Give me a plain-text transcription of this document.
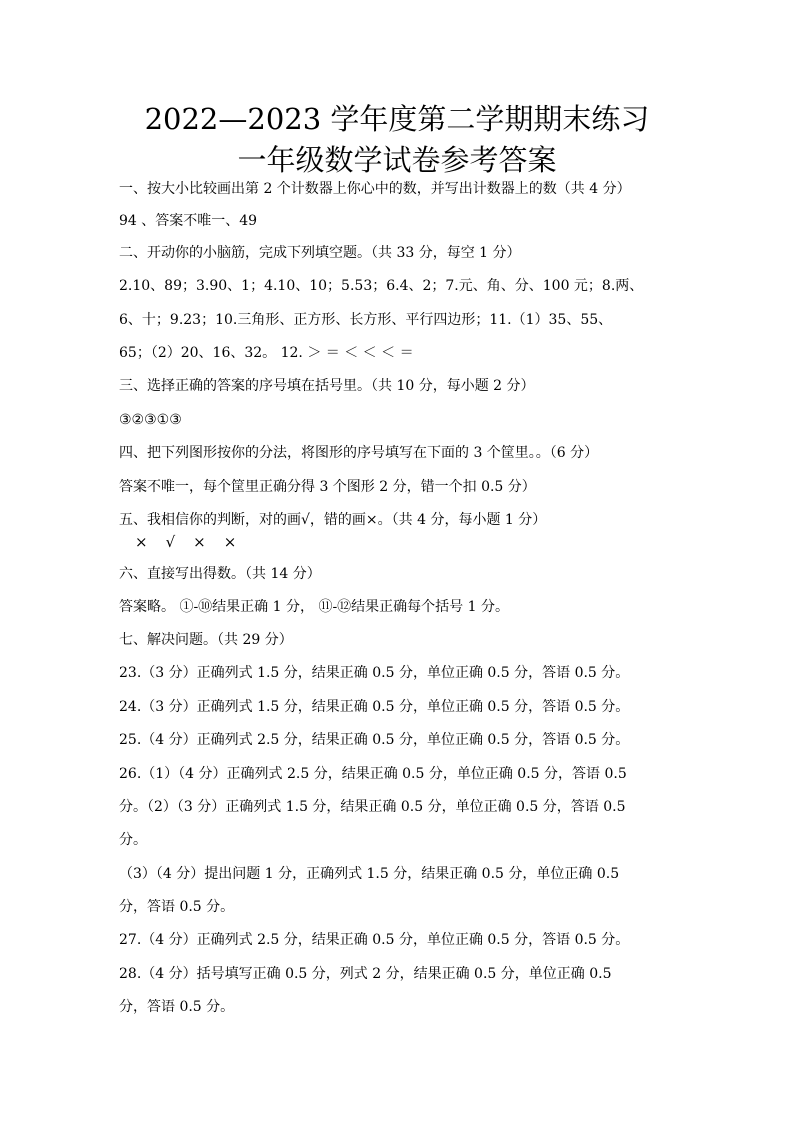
2022—2023 学年度第二学期期末练习
一年级数学试卷参考答案
一、按大小比较画出第 2 个计数器上你心中的数，并写出计数器上的数（共 4 分）
94 、答案不唯一、49
二、开动你的小脑筋，完成下列填空题。（共 33 分，每空 1 分）
2.10、89；3.90、1；4.10、10；5.53；6.4、2；7.元、角、分、100 元；8.两、
6、十；9.23；10.三角形、正方形、长方形、平行四边形；11.（1）35、55、
65；（2）20、16、32。 12. ＞ ＝ ＜ ＜ ＜ ＝
三、选择正确的答案的序号填在括号里。（共 10 分，每小题 2 分）
③②③①③
四、把下列图形按你的分法，将图形的序号填写在下面的 3 个筐里。。（6 分）
答案不唯一，每个筐里正确分得 3 个图形 2 分，错一个扣 0.5 分）
五、我相信你的判断，对的画√，错的画×。（共 4 分，每小题 1 分）
× √ × ×
六、直接写出得数。（共 14 分）
答案略。 ①-⑩结果正确 1 分， ⑪-⑫结果正确每个括号 1 分。
七、解决问题。（共 29 分）
23.（3 分）正确列式 1.5 分，结果正确 0.5 分，单位正确 0.5 分，答语 0.5 分。
24.（3 分）正确列式 1.5 分，结果正确 0.5 分，单位正确 0.5 分，答语 0.5 分。
25.（4 分）正确列式 2.5 分，结果正确 0.5 分，单位正确 0.5 分，答语 0.5 分。
26.（1）（4 分）正确列式 2.5 分，结果正确 0.5 分，单位正确 0.5 分，答语 0.5
分。（2）（3 分）正确列式 1.5 分，结果正确 0.5 分，单位正确 0.5 分，答语 0.5
分。
（3）（4 分）提出问题 1 分，正确列式 1.5 分，结果正确 0.5 分，单位正确 0.5
分，答语 0.5 分。
27.（4 分）正确列式 2.5 分，结果正确 0.5 分，单位正确 0.5 分，答语 0.5 分。
28.（4 分）括号填写正确 0.5 分，列式 2 分，结果正确 0.5 分，单位正确 0.5
分，答语 0.5 分。
